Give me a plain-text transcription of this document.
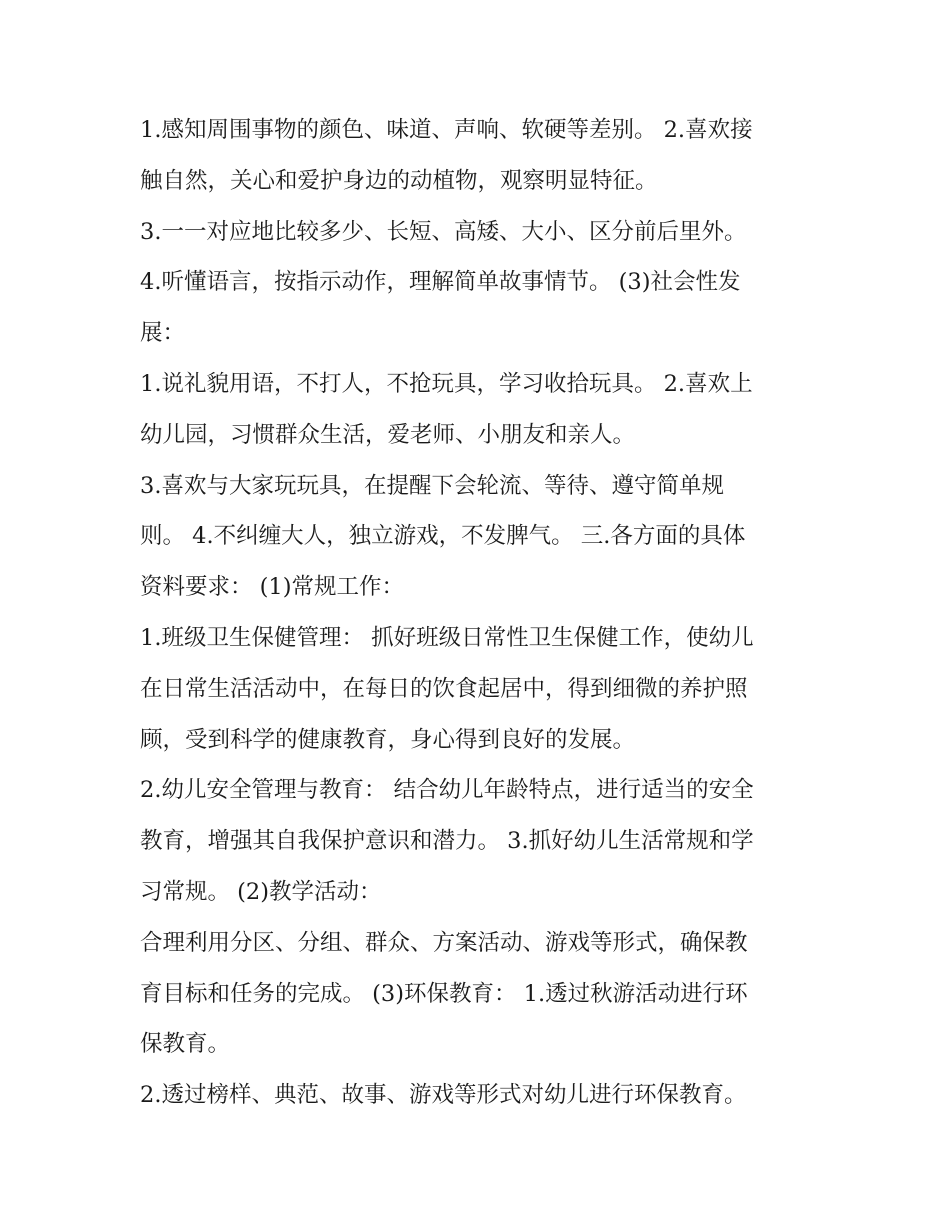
1.感知周围事物的颜色、味道、声响、软硬等差别。 2.喜欢接
触自然，关心和爱护身边的动植物，观察明显特征。
3.一一对应地比较多少、长短、高矮、大小、区分前后里外。
4.听懂语言，按指示动作，理解简单故事情节。 (3)社会性发
展：
1.说礼貌用语，不打人，不抢玩具，学习收拾玩具。 2.喜欢上
幼儿园，习惯群众生活，爱老师、小朋友和亲人。
3.喜欢与大家玩玩具，在提醒下会轮流、等待、遵守简单规
则。 4.不纠缠大人，独立游戏，不发脾气。 三.各方面的具体
资料要求： (1)常规工作：
1.班级卫生保健管理： 抓好班级日常性卫生保健工作，使幼儿
在日常生活活动中，在每日的饮食起居中，得到细微的养护照
顾，受到科学的健康教育，身心得到良好的发展。
2.幼儿安全管理与教育： 结合幼儿年龄特点，进行适当的安全
教育，增强其自我保护意识和潜力。 3.抓好幼儿生活常规和学
习常规。 (2)教学活动：
合理利用分区、分组、群众、方案活动、游戏等形式，确保教
育目标和任务的完成。 (3)环保教育： 1.透过秋游活动进行环
保教育。
2.透过榜样、典范、故事、游戏等形式对幼儿进行环保教育。
